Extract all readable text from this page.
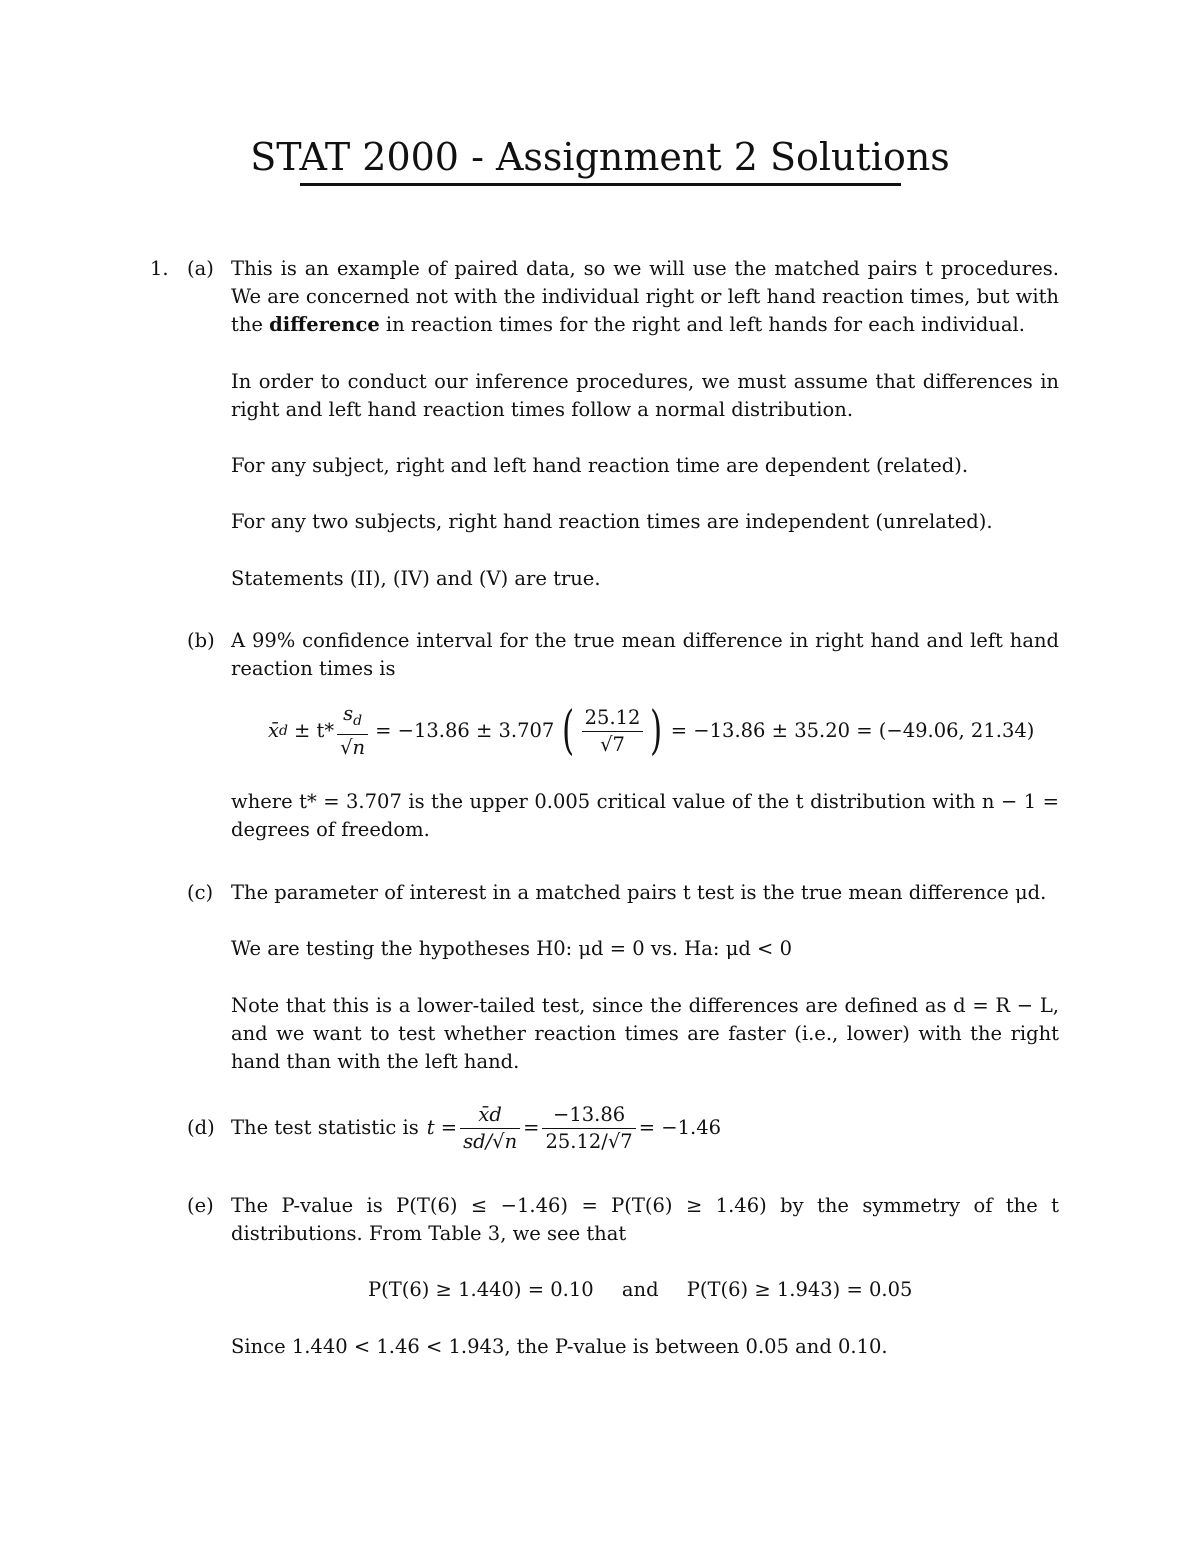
STAT 2000 - Assignment 2 Solutions
1. (a) This is an example of paired data, so we will use the matched pairs t procedures.
We are concerned not with the individual right or left hand reaction times, but with
the difference in reaction times for the right and left hands for each individual.
In order to conduct our inference procedures, we must assume that differences in
right and left hand reaction times follow a normal distribution.
For any subject, right and left hand reaction time are dependent (related).
For any two subjects, right hand reaction times are independent (unrelated).
Statements (II), (IV) and (V) are true.
(b) A 99% confidence interval for the true mean difference in right hand and left hand
reaction times is
x̄ $d \pm t* \frac{s_d}{√n} = -13.86 \pm 3.707$ ( $\frac{25.12}{√7}$ ) = −13.86 ± 35.20 = (−49.06, 21.34)
where t* = 3.707 is the upper 0.005 critical value of the t distribution with n − 1 =
degrees of freedom.
(c) The parameter of interest in a matched pairs t test is the true mean difference μd.
We are testing the hypotheses H0: μd = 0 vs. Ha: μd < 0
Note that this is a lower-tailed test, since the differences are defined as d = R − L,
and we want to test whether reaction times are faster (i.e., lower) with the right
hand than with the left hand.
(d) The test statistic is $t = \frac{x̄d}{sd/√n} = \frac{-13.86}{25.12/√7} = -1.46$
(e) The P-value is P(T(6) ≤ −1.46) = P(T(6) ≥ 1.46) by the symmetry of the t
distributions. From Table 3, we see that
P(T(6) ≥ 1.440) = 0.10 and P(T(6) ≥ 1.943) = 0.05
Since 1.440 < 1.46 < 1.943, the P-value is between 0.05 and 0.10.
